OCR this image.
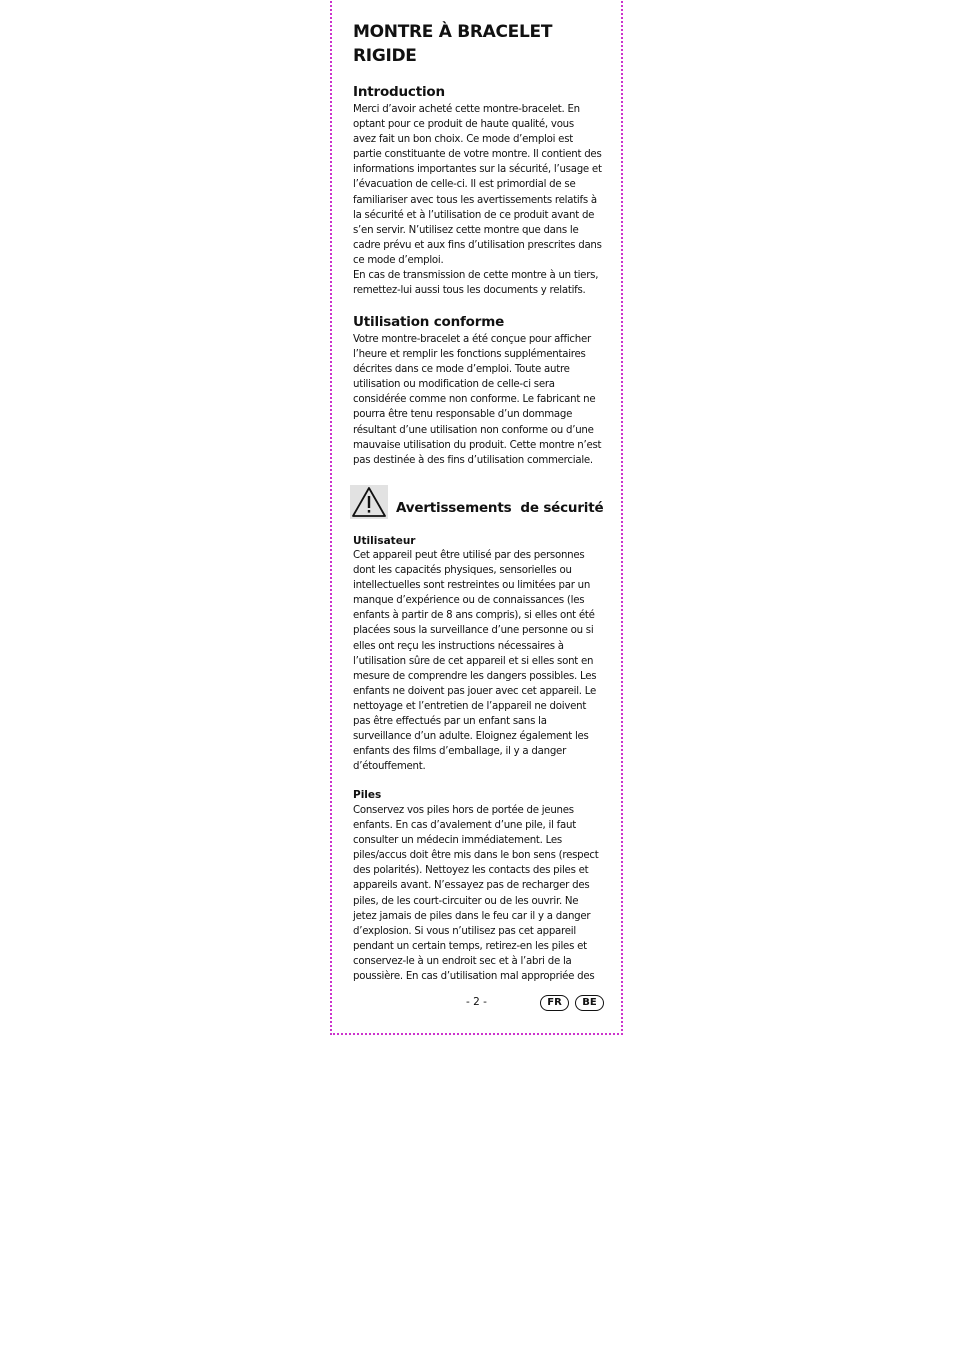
MONTRE À BRACELET
RIGIDE
Introduction

Merci d’avoir acheté cette montre-bracelet. En
optant pour ce produit de haute qualité, vous
avez fait un bon choix. Ce mode d’emploi est
partie constituante de votre montre. Il contient des
informations importantes sur la sécurité, l’usage et
l’évacuation de celle-ci. Il est primordial de se
familiariser avec tous les avertissements relatifs à
la sécurité et à l’utilisation de ce produit avant de
s’en servir. N’utilisez cette montre que dans le
cadre prévu et aux fins d’utilisation prescrites dans
ce mode d’emploi.
En cas de transmission de cette montre à un tiers,
remettez-lui aussi tous les documents y relatifs.

Utilisation conforme

Votre montre-bracelet a été conçue pour afficher
l’heure et remplir les fonctions supplémentaires
décrites dans ce mode d’emploi. Toute autre
utilisation ou modification de celle-ci sera
considérée comme non conforme. Le fabricant ne
pourra être tenu responsable d’un dommage
résultant d’une utilisation non conforme ou d’une
mauvaise utilisation du produit. Cette montre n’est
pas destinée à des fins d’utilisation commerciale.

Avertissements  de sécurité
Utilisateur

Cet appareil peut être utilisé par des personnes
dont les capacités physiques, sensorielles ou
intellectuelles sont restreintes ou limitées par un
manque d’expérience ou de connaissances (les
enfants à partir de 8 ans compris), si elles ont été
placées sous la surveillance d’une personne ou si
elles ont reçu les instructions nécessaires à
l’utilisation sûre de cet appareil et si elles sont en
mesure de comprendre les dangers possibles. Les
enfants ne doivent pas jouer avec cet appareil. Le
nettoyage et l’entretien de l’appareil ne doivent
pas être effectués par un enfant sans la
surveillance d’un adulte. Eloignez également les
enfants des films d’emballage, il y a danger
d’étouffement.

Piles

Conservez vos piles hors de portée de jeunes
enfants. En cas d’avalement d’une pile, il faut
consulter un médecin immédiatement. Les
piles/accus doit être mis dans le bon sens (respect
des polarités). Nettoyez les contacts des piles et
appareils avant. N’essayez pas de recharger des
piles, de les court-circuiter ou de les ouvrir. Ne
jetez jamais de piles dans le feu car il y a danger
d’explosion. Si vous n’utilisez pas cet appareil
pendant un certain temps, retirez-en les piles et
conservez-le à un endroit sec et à l’abri de la
poussière. En cas d’utilisation mal appropriée des

- 2 -	FR	BE
